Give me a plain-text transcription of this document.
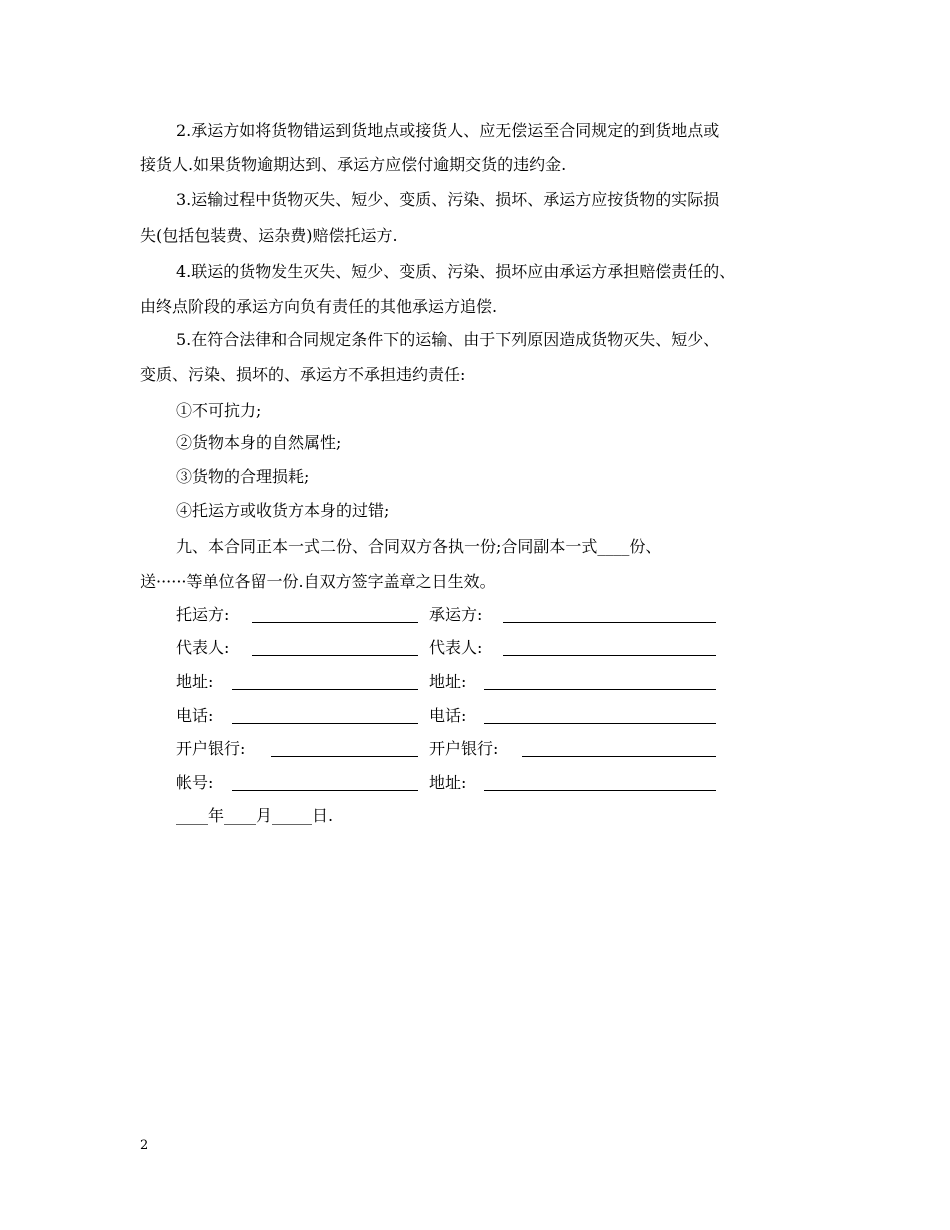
2.承运方如将货物错运到货地点或接货人、应无偿运至合同规定的到货地点或
接货人.如果货物逾期达到、承运方应偿付逾期交货的违约金.
3.运输过程中货物灭失、短少、变质、污染、损坏、承运方应按货物的实际损
失(包括包装费、运杂费)赔偿托运方.
4.联运的货物发生灭失、短少、变质、污染、损坏应由承运方承担赔偿责任的、
由终点阶段的承运方向负有责任的其他承运方追偿.
5.在符合法律和合同规定条件下的运输、由于下列原因造成货物灭失、短少、
变质、污染、损坏的、承运方不承担违约责任:
①不可抗力;
②货物本身的自然属性;
③货物的合理损耗;
④托运方或收货方本身的过错;
九、本合同正本一式二份、合同双方各执一份;合同副本一式____份、
送······等单位各留一份.自双方签字盖章之日生效。
托运方:	承运方:
代表人:	代表人:
地址:	地址:
电话:	电话:
开户银行:	开户银行:
帐号:	地址:
____年____月_____日.
2
